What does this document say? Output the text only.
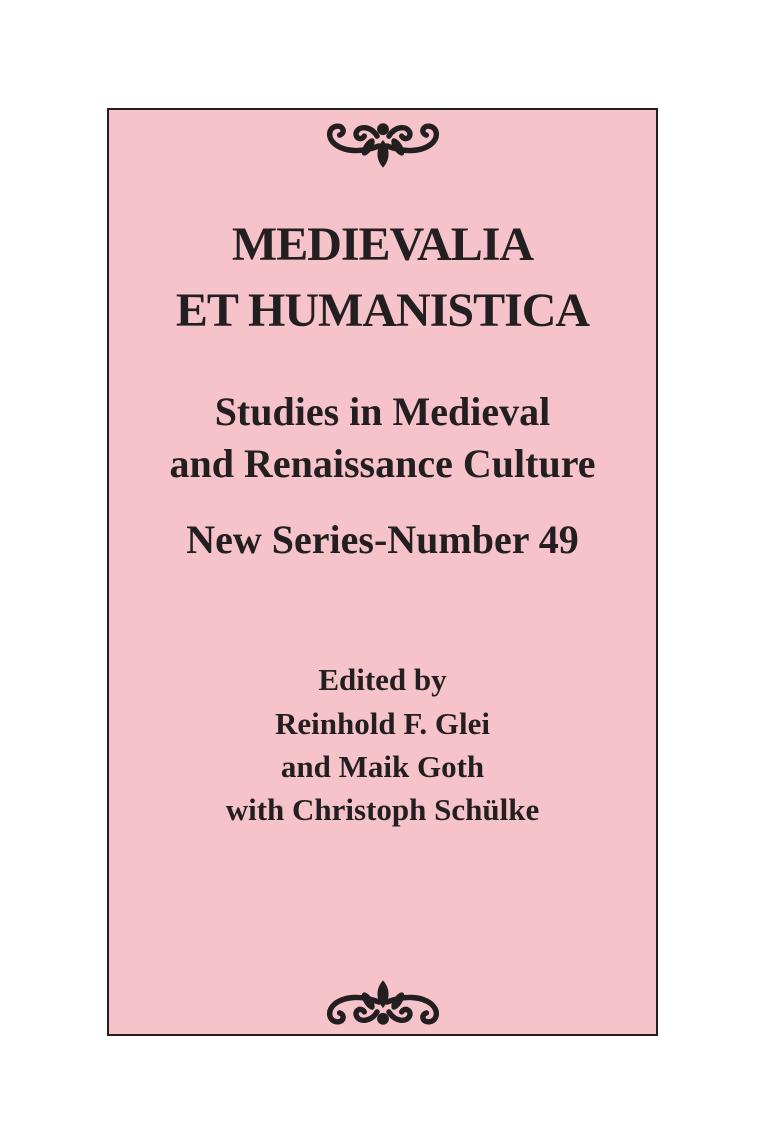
MEDIEVALIA
ET HUMANISTICA
Studies in Medieval
and Renaissance Culture
New Series-Number 49
Edited by
Reinhold F. Glei
and Maik Goth
with Christoph Schülke
